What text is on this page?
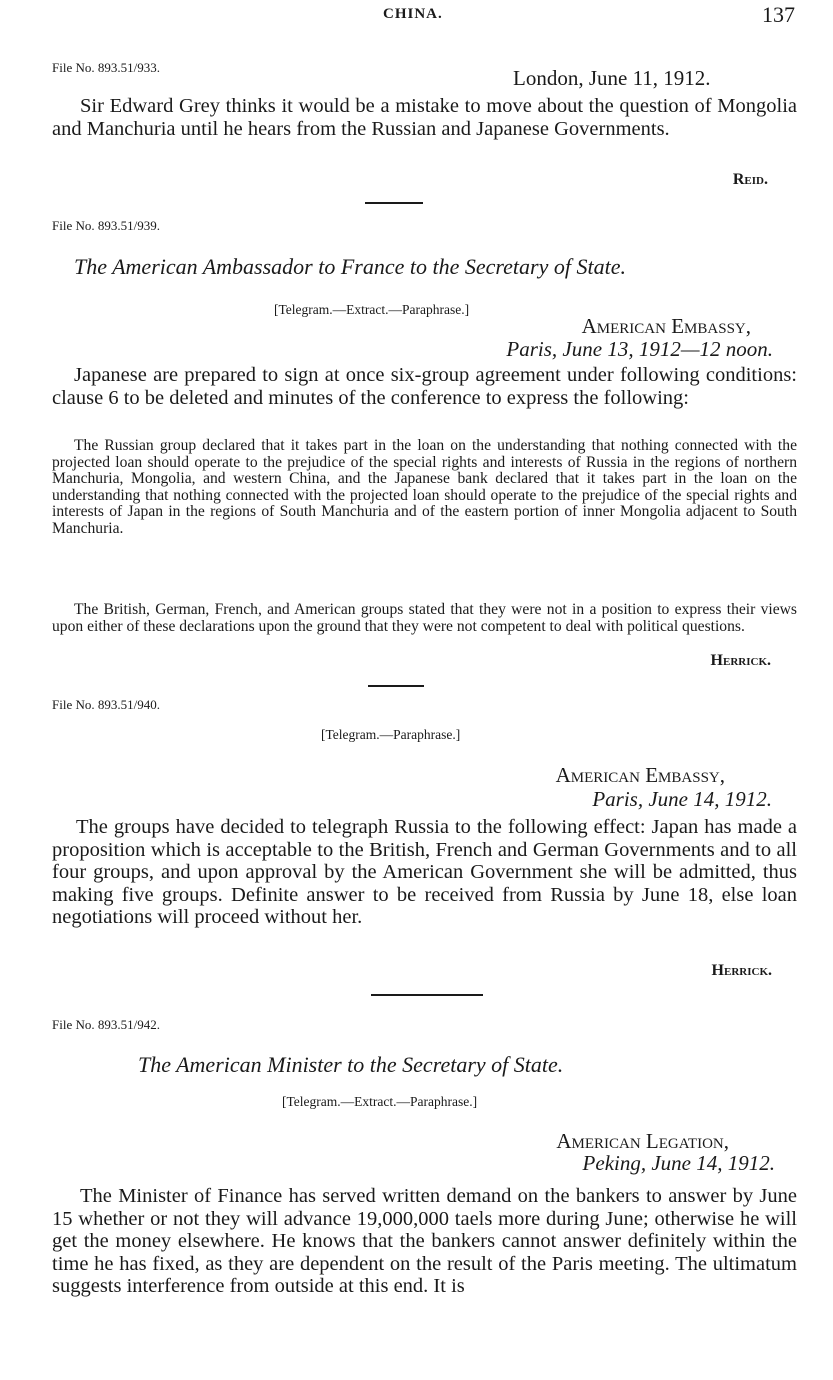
CHINA.	137
File No. 893.51/933.	London, June 11, 1912.
Sir Edward Grey thinks it would be a mistake to move about the question of Mongolia and Manchuria until he hears from the Russian and Japanese Governments.
Reid.
File No. 893.51/939.
The American Ambassador to France to the Secretary of State.
[Telegram.—Extract.—Paraphrase.]
American Embassy,
Paris, June 13, 1912—12 noon.
Japanese are prepared to sign at once six-group agreement under following conditions: clause 6 to be deleted and minutes of the conference to express the following:
The Russian group declared that it takes part in the loan on the understanding that nothing connected with the projected loan should operate to the prejudice of the special rights and interests of Russia in the regions of northern Manchuria, Mongolia, and western China, and the Japanese bank declared that it takes part in the loan on the understanding that nothing connected with the projected loan should operate to the prejudice of the special rights and interests of Japan in the regions of South Manchuria and of the eastern portion of inner Mongolia adjacent to South Manchuria.
The British, German, French, and American groups stated that they were not in a position to express their views upon either of these declarations upon the ground that they were not competent to deal with political questions.
Herrick.
File No. 893.51/940.
[Telegram.—Paraphrase.]
American Embassy,
Paris, June 14, 1912.
The groups have decided to telegraph Russia to the following effect: Japan has made a proposition which is acceptable to the British, French and German Governments and to all four groups, and upon approval by the American Government she will be admitted, thus making five groups. Definite answer to be received from Russia by June 18, else loan negotiations will proceed without her.
Herrick.
File No. 893.51/942.
The American Minister to the Secretary of State.
[Telegram.—Extract.—Paraphrase.]
American Legation,
Peking, June 14, 1912.
The Minister of Finance has served written demand on the bankers to answer by June 15 whether or not they will advance 19,000,000 taels more during June; otherwise he will get the money elsewhere. He knows that the bankers cannot answer definitely within the time he has fixed, as they are dependent on the result of the Paris meeting. The ultimatum suggests interference from outside at this end. It is
